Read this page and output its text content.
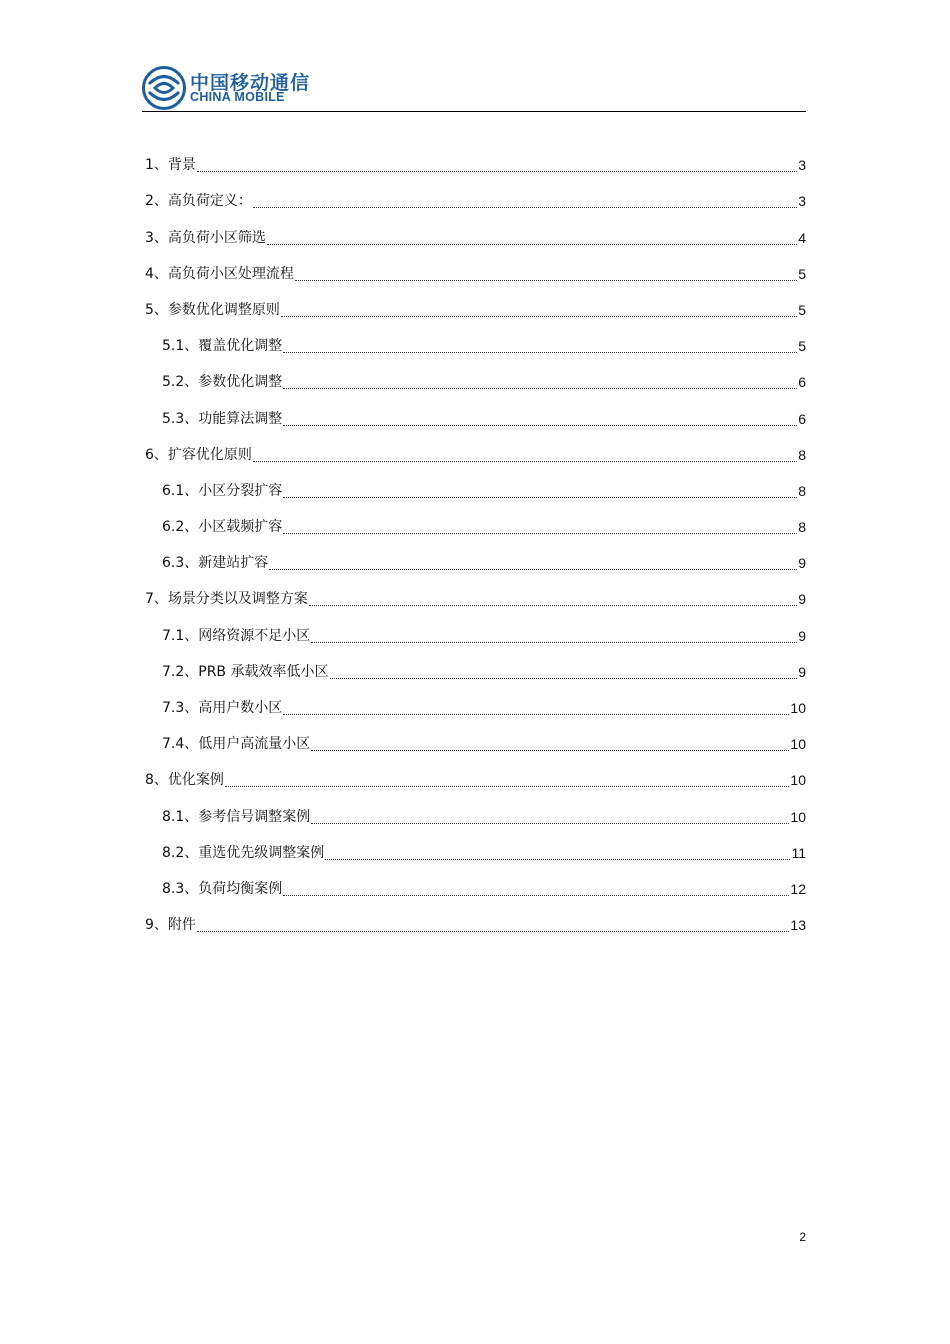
中国移动通信
CHINA MOBILE
1、背景	3
2、高负荷定义：	3
3、高负荷小区筛选	4
4、高负荷小区处理流程	5
5、参数优化调整原则	5
5.1、覆盖优化调整	5
5.2、参数优化调整	6
5.3、功能算法调整	6
6、扩容优化原则	8
6.1、小区分裂扩容	8
6.2、小区载频扩容	8
6.3、新建站扩容	9
7、场景分类以及调整方案	9
7.1、网络资源不足小区	9
7.2、PRB 承载效率低小区	9
7.3、高用户数小区	10
7.4、低用户高流量小区	10
8、优化案例	10
8.1、参考信号调整案例	10
8.2、重选优先级调整案例	11
8.3、负荷均衡案例	12
9、附件	13
2
